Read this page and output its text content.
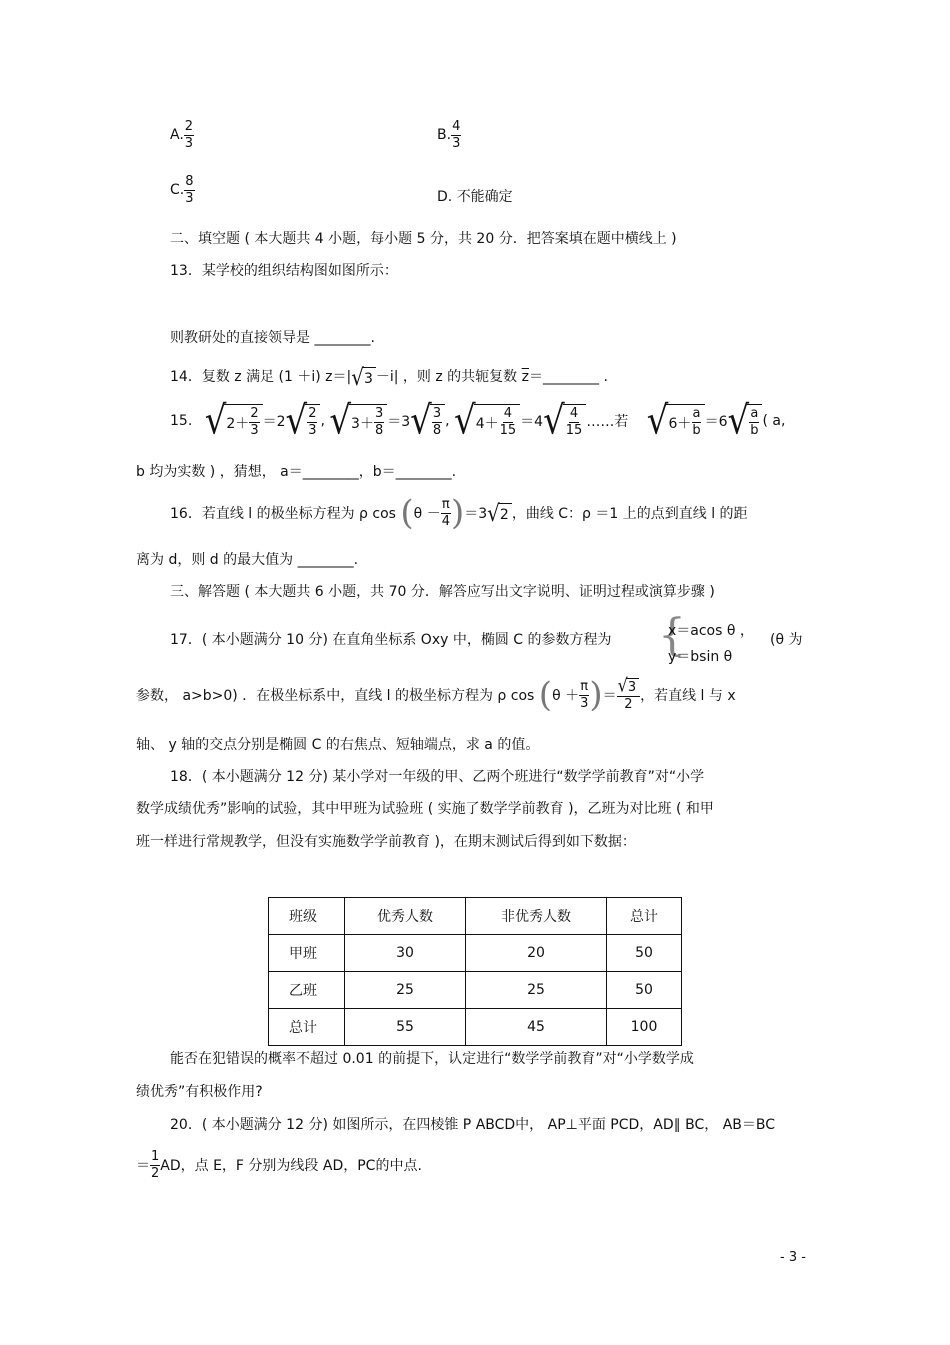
A. $\frac{2}{3}$	B. $\frac{4}{3}$
C. $\frac{8}{3}$	D. 不能确定
二、填空题 ( 本大题共 4 小题，每小题 5 分，共 20 分．把答案填在题中横线上 )
13．某学校的组织结构图如图所示：
则教研处的直接领导是 ________.
14．复数 z 满足 (1 ＋i) z＝| √ 3 －i| ，则 z 的共轭复数 $\overline{z}=\_\_\_\_\_\_\_\_$ .
15. √ $2+ \frac{2}{3} =2$ √ $\frac{2}{3}$ , √ $3+ \frac{3}{8} =3$ √ $\frac{3}{8}$ , √ $4+ \frac{4}{15} =4$ √ $\frac{4}{15}$ ……若 √ $6+ \frac{a}{b} =6$ √ $\frac{a}{b}$ ( a,
b 均为实数 ) ，猜想， a＝________，b＝________.
16．若直线 l 的极坐标方程为 ρ $\cos (\theta - \frac{\pi}{4} )=3$ √ 2 ，曲线 C：ρ ＝1 上的点到直线 l 的距
离为 d，则 d 的最大值为 ________.
三、解答题 ( 本大题共 6 小题，共 70 分．解答应写出文字说明、证明过程或演算步骤 )
17．( 本小题满分 10 分) 在直角坐标系 Oxy 中，椭圆 C 的参数方程为 {
x＝acos θ ，
y＝bsin θ
(θ 为
参数， a>b>0) ．在极坐标系中，直线 l 的极坐标方程为 ρ $\cos (\theta + \frac{\pi}{3}$ )＝ $\frac{√ 3}{2}$ ，若直线 l 与 x
轴、 y 轴的交点分别是椭圆 C 的右焦点、短轴端点，求 a 的值。
18．( 本小题满分 12 分) 某小学对一年级的甲、乙两个班进行“数学学前教育”对“小学
数学成绩优秀”影响的试验，其中甲班为试验班 ( 实施了数学学前教育 )，乙班为对比班 ( 和甲
班一样进行常规教学，但没有实施数学学前教育 )，在期末测试后得到如下数据：
班级	优秀人数	非优秀人数	总计
甲班	30	20	50
乙班	25	25	50
总计	55	45	100
能否在犯错误的概率不超过 0.01 的前提下，认定进行“数学学前教育”对“小学数学成
绩优秀”有积极作用?
20．( 本小题满分 12 分) 如图所示，在四棱锥 P ABCD中， AP⊥平面 PCD，AD∥ BC， AB＝BC
＝ $\frac{1}{2}$ AD，点 E，F 分别为线段 AD，PC的中点.
- 3 -
